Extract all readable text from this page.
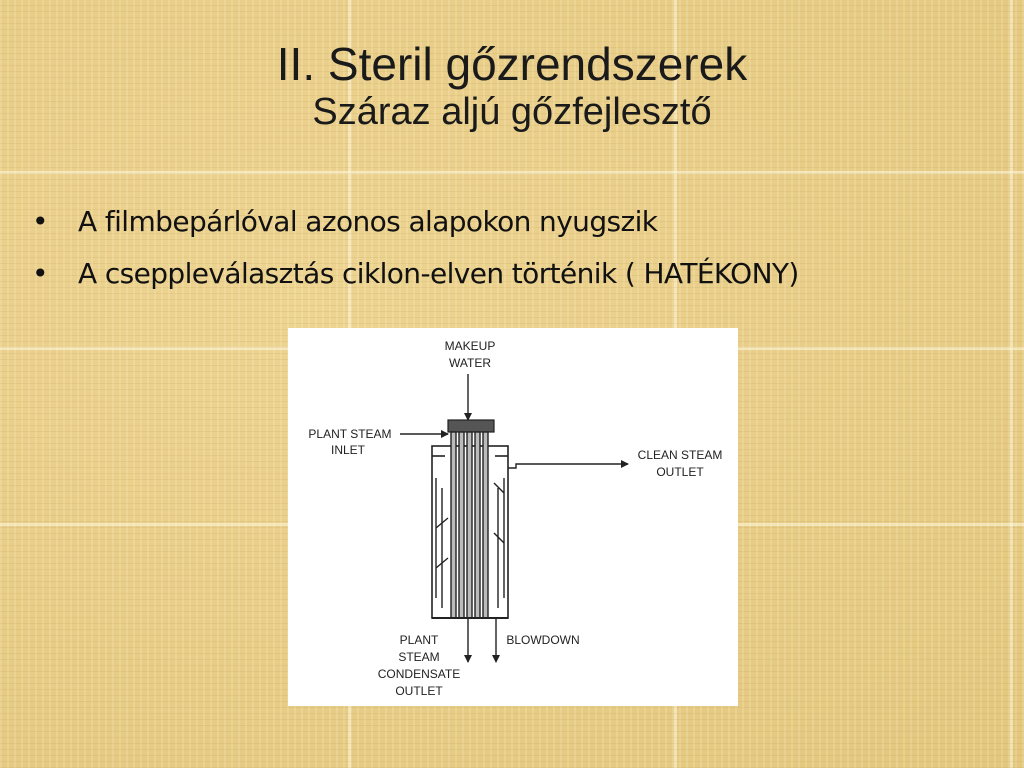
II. Steril gőzrendszerek
Száraz aljú gőzfejlesztő
• A filmbepárlóval azonos alapokon nyugszik
• A cseppleválasztás ciklon-elven történik ( HATÉKONY)
MAKEUP
WATER
PLANT STEAM
INLET	CLEAN STEAM
OUTLET
PLANT
STEAM
CONDENSATE
OUTLET
BLOWDOWN
